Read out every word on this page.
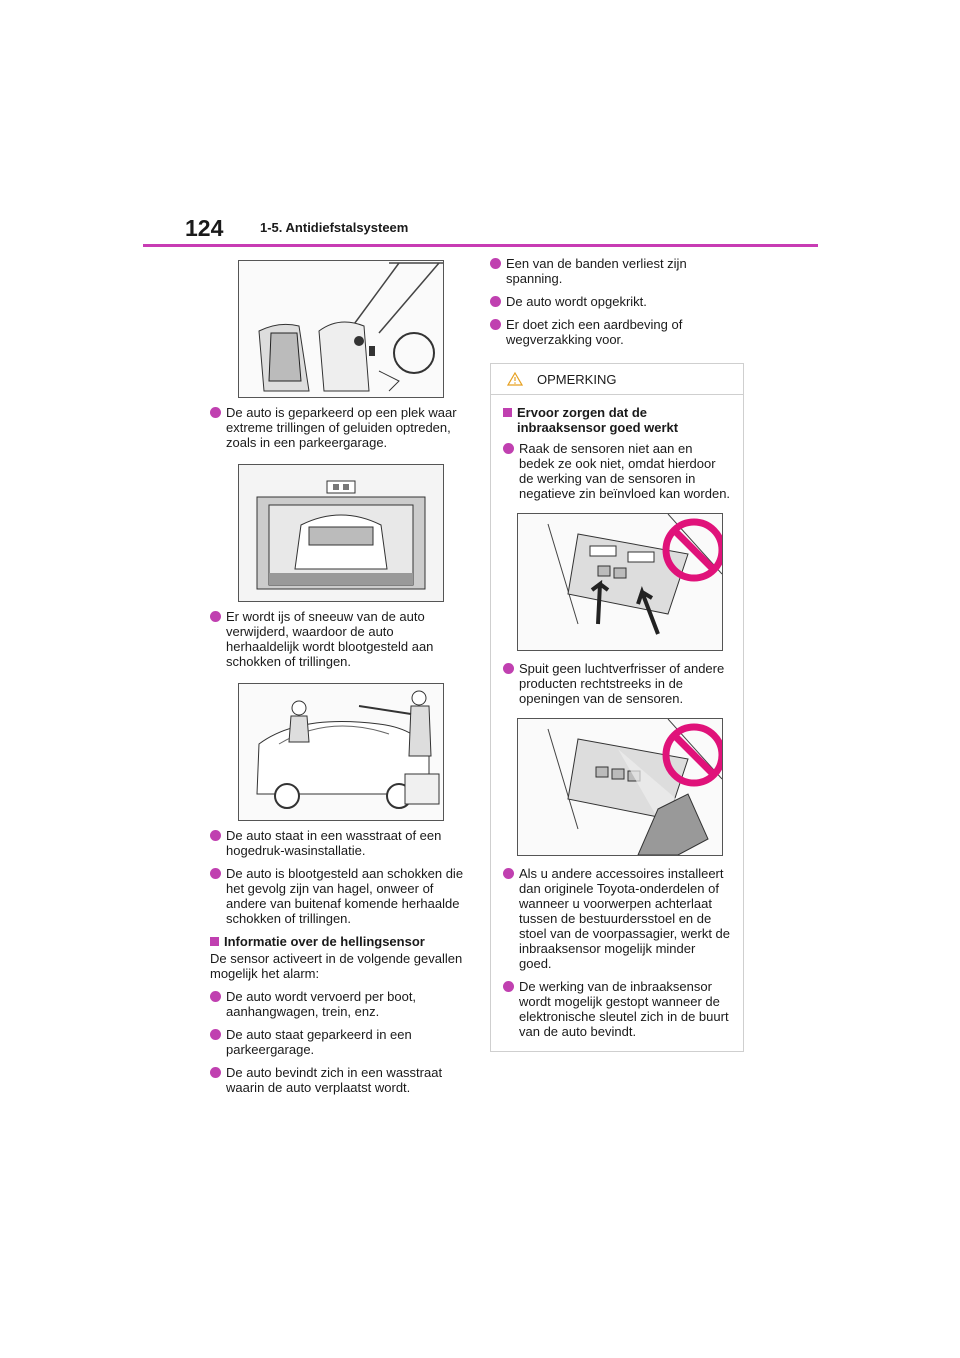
124	1-5. Antidiefstalsysteem
De auto is geparkeerd op een plek waar extreme trillingen of geluiden optreden, zoals in een parkeergarage.
Er wordt ijs of sneeuw van de auto verwijderd, waardoor de auto herhaaldelijk wordt blootgesteld aan schokken of trillingen.
De auto staat in een wasstraat of een hogedruk-wasinstallatie.
De auto is blootgesteld aan schokken die het gevolg zijn van hagel, onweer of andere van buitenaf komende herhaalde schokken of trillingen.
Informatie over de hellingsensor
De sensor activeert in de volgende gevallen mogelijk het alarm:
De auto wordt vervoerd per boot, aanhangwagen, trein, enz.
De auto staat geparkeerd in een parkeergarage.
De auto bevindt zich in een wasstraat waarin de auto verplaatst wordt.
Een van de banden verliest zijn spanning.
De auto wordt opgekrikt.
Er doet zich een aardbeving of wegverzakking voor.
OPMERKING
Ervoor zorgen dat de inbraaksensor goed werkt
Raak de sensoren niet aan en bedek ze ook niet, omdat hierdoor de werking van de sensoren in negatieve zin beïnvloed kan worden.
Spuit geen luchtverfrisser of andere producten rechtstreeks in de openingen van de sensoren.
Als u andere accessoires installeert dan originele Toyota-onderdelen of wanneer u voorwerpen achterlaat tussen de bestuurdersstoel en de stoel van de voorpassagier, werkt de inbraaksensor mogelijk minder goed.
De werking van de inbraaksensor wordt mogelijk gestopt wanneer de elektronische sleutel zich in de buurt van de auto bevindt.
